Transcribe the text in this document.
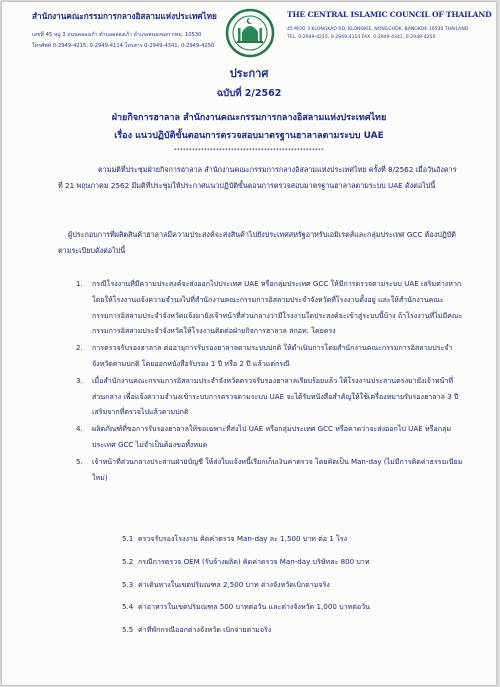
สำนักงานคณะกรรมการกลางอิสลามแห่งประเทศไทย
เลขที่ 45 หมู่ 3 ถนนคลองเก้า ตำบลคลองเก้า อำเภอหนองจอก กทม. 10530
โทรศัพท์ 0-2949-4215, 0-2949-4114 โทรสาร 0-2949-4341, 0-2949-4250
THE CENTRAL ISLAMIC COUNCIL OF THAILAND
45 MOO 3 KLONGKAO RD, KLONGKIE, NONGCHOK, BANGKOK 10530 THAILAND
TEL. 0-2949-4215, 0-2949-4114 FAX. 0-2949-4341, 0-2949-4250
ประกาศ
ฉบับที่ 2/2562
ฝ่ายกิจการฮาลาล สำนักงานคณะกรรมการกลางอิสลามแห่งประเทศไทย
เรื่อง แนวปฏิบัติขั้นตอนการตรวจสอบมาตรฐานฮาลาลตามระบบ UAE
**************************************************
ตามมติที่ประชุมฝ่ายกิจการฮาลาล สำนักงานคณะกรรมการกลางอิสลามแห่งประเทศไทย ครั้งที่ 8/2562 เมื่อวันอังคารที่ 21 พฤษภาคม 2562 มีมติที่ประชุมให้ประกาศแนวปฏิบัติขั้นตอนการตรวจสอบมาตรฐานฮาลาลตามระบบ UAE ดังต่อไปนี้
ผู้ประกอบการที่ผลิตสินค้าฮาลาลมีความประสงค์จะส่งสินค้าไปยังประเทศสหรัฐอาหรับเอมิเรตส์และกลุ่มประเทศ GCC ต้องปฏิบัติตามระเบียบดังต่อไปนี้
1. กรณีโรงงานที่มีความประสงค์จะส่งออกไปประเทศ UAE หรือกลุ่มประเทศ GCC ให้มีการตรวจตามระบบ UAE เสริมต่างหาก โดยให้โรงงานแจ้งความจำนงไปที่สำนักงานคณะกรรมการอิสลามประจำจังหวัดที่โรงงานตั้งอยู่ และให้สำนักงานคณะกรรมการอิสลามประจำจังหวัดแจ้งมายังเจ้าหน้าที่ส่วนกลางว่ามีโรงงานใดประสงค์จะเข้าสู่ระบบนี้บ้าง ถ้าโรงงานที่ไม่มีคณะกรรมการอิสลามประจำจังหวัดให้โรงงานติดต่อฝ่ายกิจการฮาลาล สกอท. โดยตรง
2. การตรวจรับรองฮาลาล ต่ออายุการรับรองฮาลาลตามระบบปกติ ให้ดำเนินการโดยสำนักงานคณะกรรมการอิสลามประจำจังหวัดตามปกติ โดยออกหนังสือรับรอง 1 ปี หรือ 2 ปี แล้วแต่กรณี
3. เมื่อสำนักงานคณะกรรมการอิสลามประจำจังหวัดตรวจรับรองฮาลาลเรียบร้อยแล้ว ให้โรงงานประสานตรงมายังเจ้าหน้าที่ส่วนกลาง เพื่อแจ้งความจำนงเข้าระบบการตรวจตามระบบ UAE จะได้รับหนังสือสำคัญให้ใช้เครื่องหมายรับรองฮาลาล 3 ปี เสริมจากที่ตรวจไปแล้วตามปกติ
4. ผลิตภัณฑ์ที่ขอการรับรองฮาลาลให้ขอเฉพาะที่ส่งไป UAE หรือกลุ่มประเทศ GCC หรือคาดว่าจะส่งออกไป UAE หรือกลุ่มประเทศ GCC ไม่จำเป็นต้องขอทั้งหมด
5. เจ้าหน้าที่ส่วนกลางประสานฝ่ายบัญชี ให้ส่งใบแจ้งหนี้เรียกเก็บเงินค่าตรวจ โดยคิดเป็น Man-day (ไม่มีการคิดค่าธรรมเนียมใหม่)
5.1 ตรวจรับรองโรงงาน คิดค่าตรวจ Man-day ละ 1,500 บาท ต่อ 1 โรง
5.2 กรณีการตรวจ OEM (รับจ้างผลิต) คิดค่าตรวจ Man-day บริษัทละ 800 บาท
5.3 ค่าเดินทางในเขตปริมณฑล 2,500 บาท ต่างจังหวัดเบิกตามจริง
5.4 ค่าอาหารในเขตปริมณฑล 500 บาทต่อวัน และต่างจังหวัด 1,000 บาทต่อวัน
5.5 ค่าที่พักกรณีออกต่างจังหวัด เบิกจ่ายตามจริง
